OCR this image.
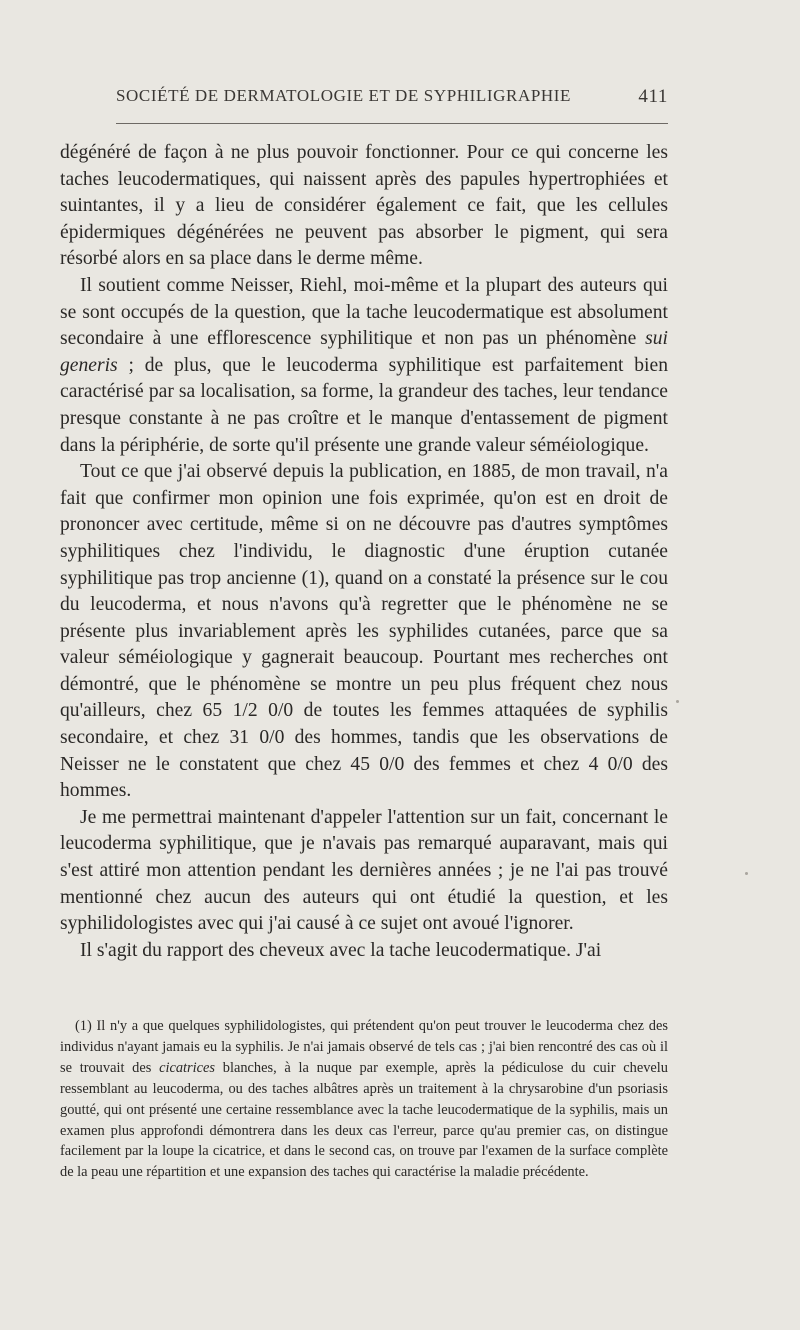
SOCIÉTÉ DE DERMATOLOGIE ET DE SYPHILIGRAPHIE	411

dégénéré de façon à ne plus pouvoir fonctionner. Pour ce qui concerne les taches leucodermatiques, qui naissent après des papules hypertrophiées et suintantes, il y a lieu de considérer également ce fait, que les cellules épidermiques dégénérées ne peuvent pas absorber le pigment, qui sera résorbé alors en sa place dans le derme même.

Il soutient comme Neisser, Riehl, moi-même et la plupart des auteurs qui se sont occupés de la question, que la tache leucodermatique est absolument secondaire à une efflorescence syphilitique et non pas un phénomène sui generis ; de plus, que le leucoderma syphilitique est parfaitement bien caractérisé par sa localisation, sa forme, la grandeur des taches, leur tendance presque constante à ne pas croître et le manque d'entassement de pigment dans la périphérie, de sorte qu'il présente une grande valeur séméiologique.

Tout ce que j'ai observé depuis la publication, en 1885, de mon travail, n'a fait que confirmer mon opinion une fois exprimée, qu'on est en droit de prononcer avec certitude, même si on ne découvre pas d'autres symptômes syphilitiques chez l'individu, le diagnostic d'une éruption cutanée syphilitique pas trop ancienne (1), quand on a constaté la présence sur le cou du leucoderma, et nous n'avons qu'à regretter que le phénomène ne se présente plus invariablement après les syphilides cutanées, parce que sa valeur séméiologique y gagnerait beaucoup. Pourtant mes recherches ont démontré, que le phénomène se montre un peu plus fréquent chez nous qu'ailleurs, chez 65 1/2 0/0 de toutes les femmes attaquées de syphilis secondaire, et chez 31 0/0 des hommes, tandis que les observations de Neisser ne le constatent que chez 45 0/0 des femmes et chez 4 0/0 des hommes.

Je me permettrai maintenant d'appeler l'attention sur un fait, concernant le leucoderma syphilitique, que je n'avais pas remarqué auparavant, mais qui s'est attiré mon attention pendant les dernières années ; je ne l'ai pas trouvé mentionné chez aucun des auteurs qui ont étudié la question, et les syphilidologistes avec qui j'ai causé à ce sujet ont avoué l'ignorer.

Il s'agit du rapport des cheveux avec la tache leucodermatique. J'ai

(1) Il n'y a que quelques syphilidologistes, qui prétendent qu'on peut trouver le leucoderma chez des individus n'ayant jamais eu la syphilis. Je n'ai jamais observé de tels cas ; j'ai bien rencontré des cas où il se trouvait des cicatrices blanches, à la nuque par exemple, après la pédiculose du cuir chevelu ressemblant au leucoderma, ou des taches albâtres après un traitement à la chrysarobine d'un psoriasis goutté, qui ont présenté une certaine ressemblance avec la tache leucodermatique de la syphilis, mais un examen plus approfondi démontrera dans les deux cas l'erreur, parce qu'au premier cas, on distingue facilement par la loupe la cicatrice, et dans le second cas, on trouve par l'examen de la surface complète de la peau une répartition et une expansion des taches qui caractérise la maladie précédente.
